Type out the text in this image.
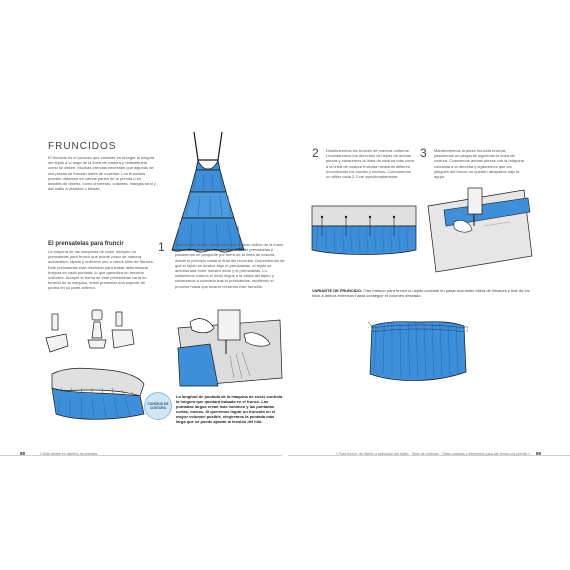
FRUNCIDOS
El fruncido es el proceso que consiste en recoger la holgura del tejido a lo largo de la línea de costura y redistribuirla como se desee. Muchas prendas necesitan que algunas de sus piezas se frunzan antes de coserlas. Los fruncidos pueden utilizarse en ciertas partes de la prenda o en detalles de diseño, como chorreras, volantes, mangas farol y dar estilo a vestidos o blusas.
El prensatelas para fruncir
La mayoría de las máquinas de coser incluyen un prensatelas para fruncir que puede coser de manera automática, rápida y uniforme uno o varios hilos de frunces. Este prensatelas está diseñado para trabar determinada holgura en cada puntada, lo que garantiza un fruncido uniforme. Aunque la forma de este prensatelas varía en función de la máquina, suele presentar una especie de joroba en su parte anterior.
1	Para fruncir la tela, mantendremos el dedo índice de la mano izquierda firmemente colocado detrás del prensatelas y pasaremos un pespunte por fuera de la línea de costura, desde el principio hasta el final del recorrido. Dependiendo de qué el tejido se deslice bajo el prensatelas, el tejido se amontonará entre nuestro dedo y el prensatelas. Lo soltaremos cuando el dedo llegue a la altura del tejido y volveremos a colocarlo tras el prensatelas, repitiendo el proceso hasta que toda el recorrido esté fruncido.
CONSEJO DE COSTURA
La longitud de puntada de la máquina de coser controla la holgura que quedará trabada en el frunce. Las puntadas largas crean más volumen y las puntadas cortas, menos. Si queremos lograr un fruncido en el mayor volumen posible, elegiremos la puntada más larga que se puede ajustar la tensión del hilo.
88	1 Más detalle en diseños de prendas
2 Distribuiremos los frunces de manera uniforme. Levantaremos los derechos del tejido de ambas piezas y casaremos la línea de costura más corta a la línea de costura fruncida mediante alfileres, encontrando los bordes y centros. Colocaremos un alfiler cada 2-3 cm aproximadamente.
3 Mantendremos la pieza fruncida encima, pasaremos un pespunte siguiendo la línea de costura. Coseremos ambas piezas con la máquina colocada a la derecha y vigilaremos que los pliegues del frunce no queden atrapados bajo la aguja.
VARIANTE DE FRUNCIDO: Otro método para fruncir un tejido consiste en pasar una doble hilera de hilvanes y tirar de los hilos a ambos extremos hasta conseguir el volumen deseado.
« Para fruncir: de diseño a aplicación del tejido · Tipos de costuras · Otras costuras y elementos para dar forma a la prenda » 89
